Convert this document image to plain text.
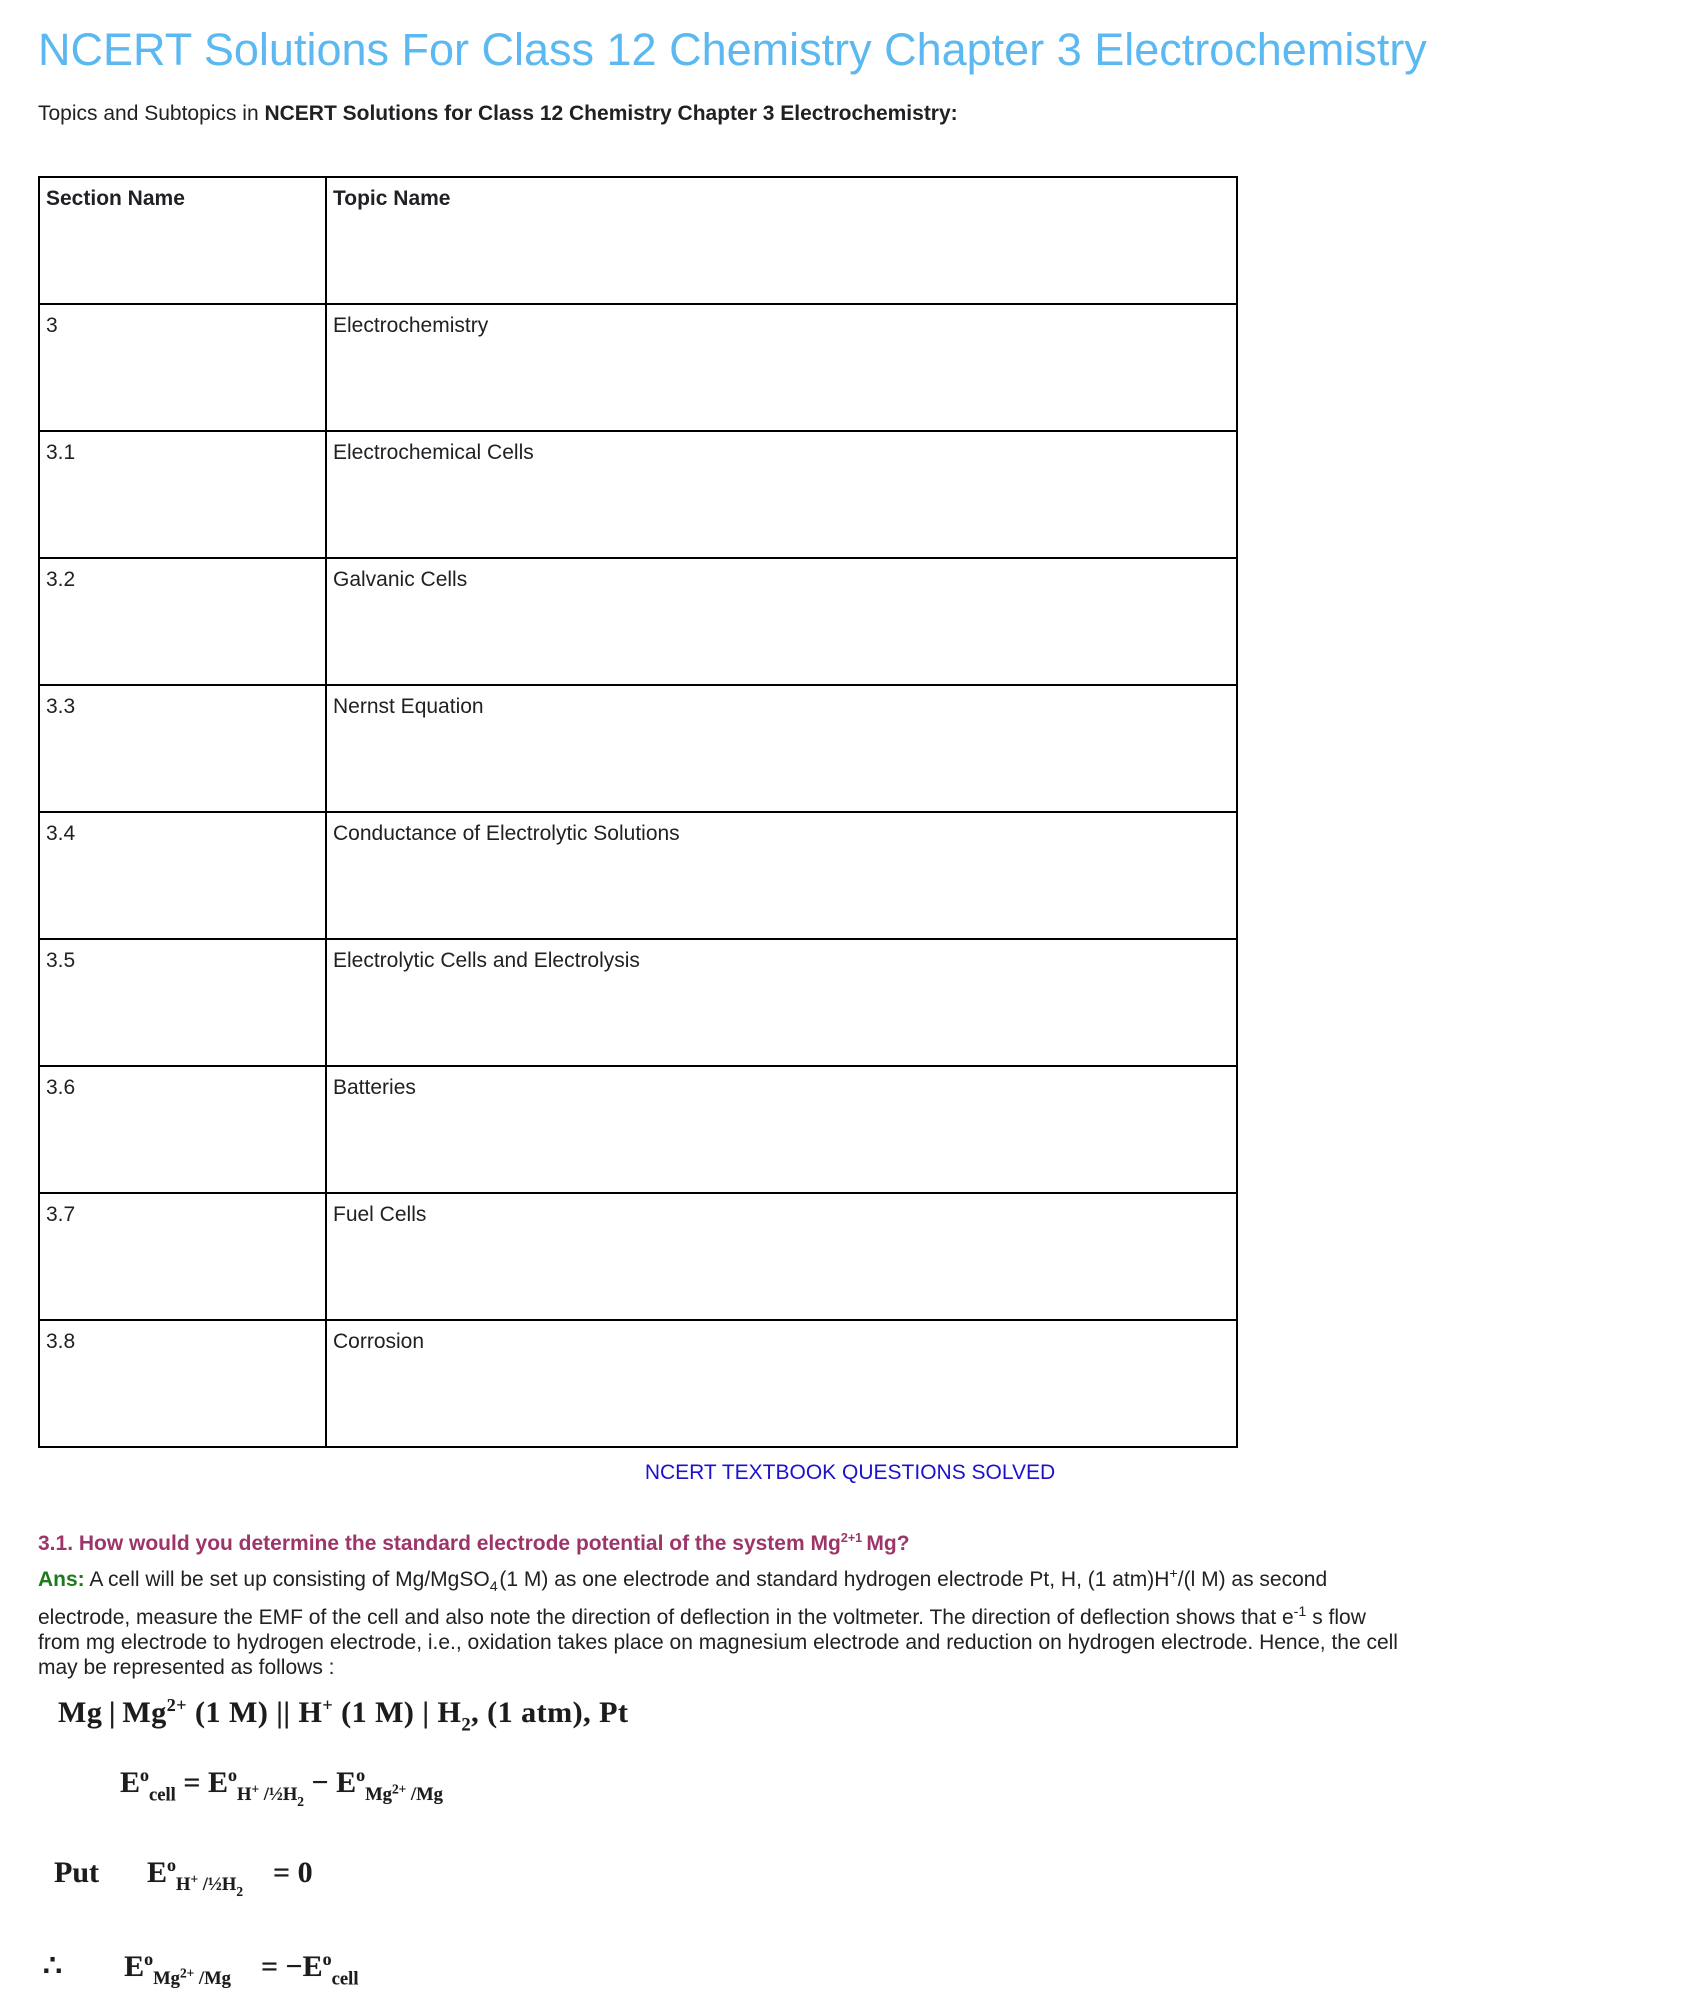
NCERT Solutions For Class 12 Chemistry Chapter 3 Electrochemistry

Topics and Subtopics in NCERT Solutions for Class 12 Chemistry Chapter 3 Electrochemistry:

Section Name	Topic Name
3	Electrochemistry
3.1	Electrochemical Cells
3.2	Galvanic Cells
3.3	Nernst Equation
3.4	Conductance of Electrolytic Solutions
3.5	Electrolytic Cells and Electrolysis
3.6	Batteries
3.7	Fuel Cells
3.8	Corrosion
NCERT TEXTBOOK QUESTIONS SOLVED

3.1. How would you determine the standard electrode potential of the system $Mg^{2+1}$ Mg?

Ans: A cell will be set up consisting of Mg/MgSO$_4$ (1 M) as one electrode and standard hydrogen electrode Pt, H, (1 atm)H+/(l M) as second
electrode, measure the EMF of the cell and also note the direction of deflection in the voltmeter. The direction of deflection shows that $e^{-1}$ s flow
from mg electrode to hydrogen electrode, i.e., oxidation takes place on magnesium electrode and reduction on hydrogen electrode. Hence, the cell
may be represented as follows :

Mg | $Mg^{2+}$ (1 M) || H+ (1 M) | $H_2$, (1 atm), Pt
$E^o_{cell} = E^o_{H^+ /\frac{1}{2}H_2} - E^o_{Mg^{2+} /Mg}$
Put $E^o_{H^+ /\frac{1}{2}H_2}= 0$
∴ $E^o_{Mg^{2+} /Mg} = -E^o_{cell}$
